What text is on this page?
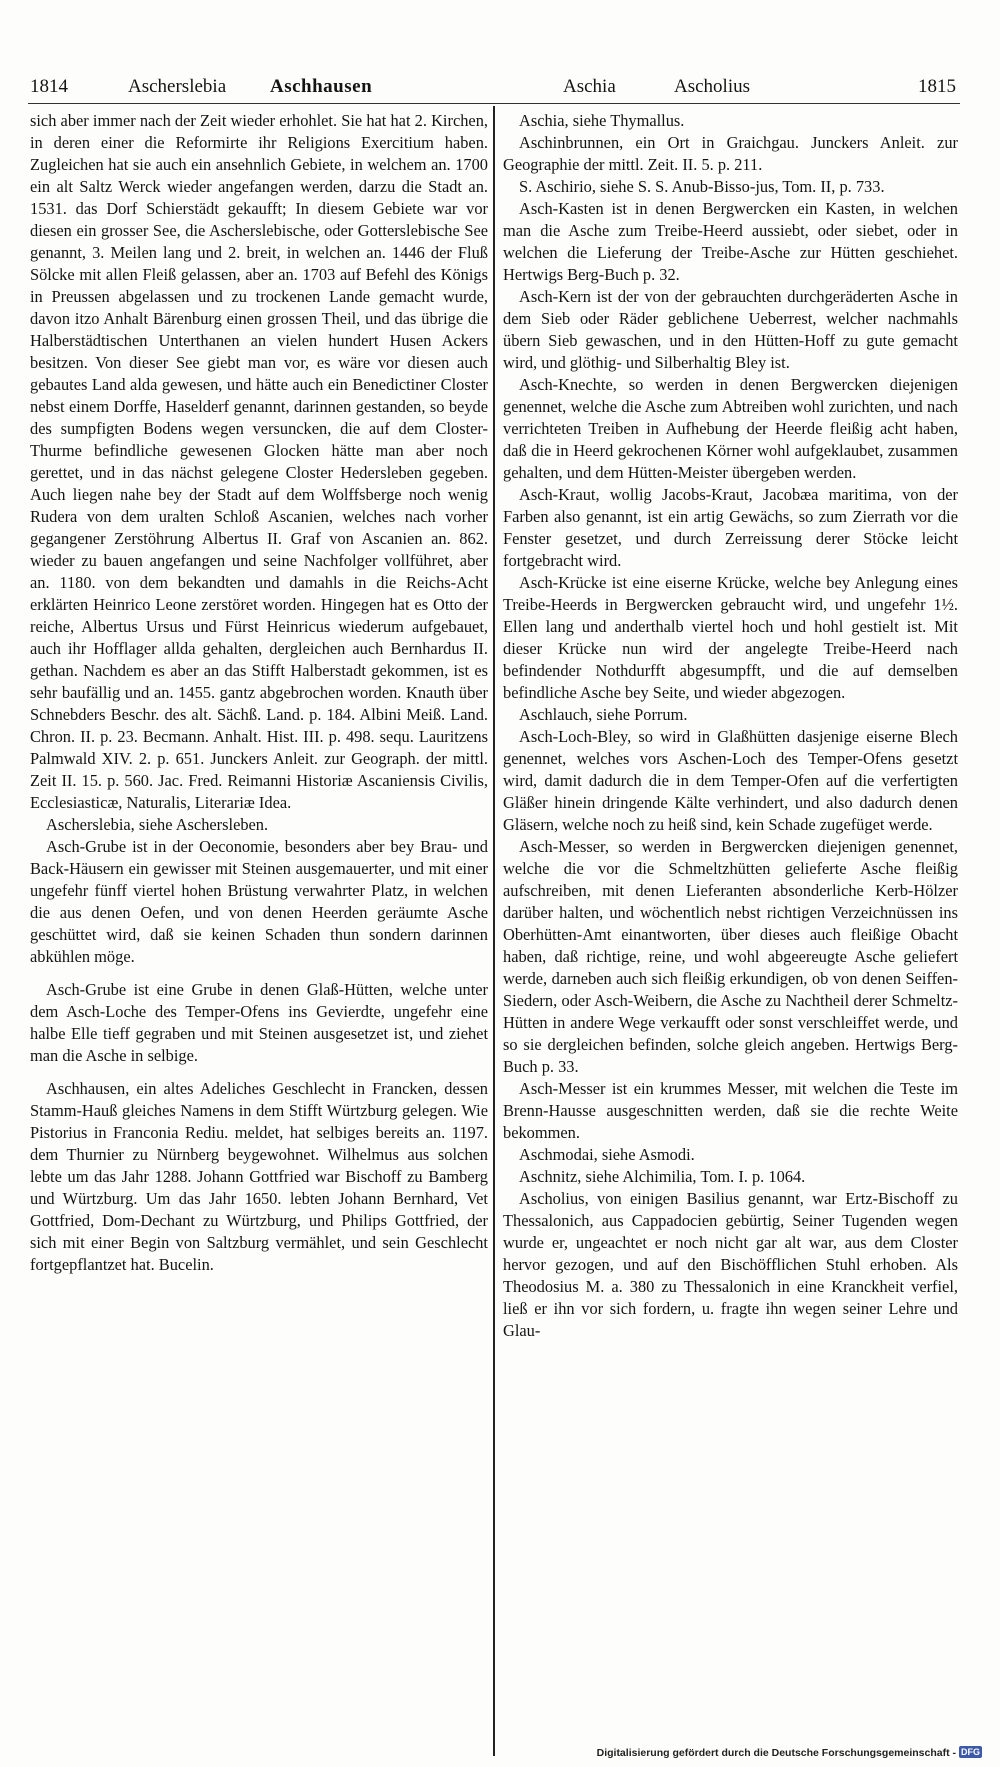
1814	Ascherslebia Aschhausen	Aschia	Ascholius	1815

sich aber immer nach der Zeit wieder erhohlet. Sie hat hat 2. Kirchen, in deren einer die Reformirte ihr Religions Exercitium haben. Zugleichen hat sie auch ein ansehnlich Gebiete, in welchem an. 1700 ein alt Saltz Werck wieder angefangen werden, darzu die Stadt an. 1531. das Dorf Schierstädt gekaufft; In diesem Gebiete war vor diesen ein grosser See, die Ascherslebische, oder Gotterslebische See genannt, 3. Meilen lang und 2. breit, in welchen an. 1446 der Fluß Sölcke mit allen Fleiß gelassen, aber an. 1703 auf Befehl des Königs in Preussen abgelassen und zu trockenen Lande gemacht wurde, davon itzo Anhalt Bärenburg einen grossen Theil, und das übrige die Halberstädtischen Unterthanen an vielen hundert Husen Ackers besitzen. Von dieser See giebt man vor, es wäre vor diesen auch gebautes Land alda gewesen, und hätte auch ein Benedictiner Closter nebst einem Dorffe, Haselderf genannt, darinnen gestanden, so beyde des sumpfigten Bodens wegen versuncken, die auf dem Closter-Thurme befindliche gewesenen Glocken hätte man aber noch gerettet, und in das nächst gelegene Closter Hedersleben gegeben. Auch liegen nahe bey der Stadt auf dem Wolffsberge noch wenig Rudera von dem uralten Schloß Ascanien, welches nach vorher gegangener Zerstöhrung Albertus II. Graf von Ascanien an. 862. wieder zu bauen angefangen und seine Nachfolger vollführet, aber an. 1180. von dem bekandten und damahls in die Reichs-Acht erklärten Heinrico Leone zerstöret worden. Hingegen hat es Otto der reiche, Albertus Ursus und Fürst Heinricus wiederum aufgebauet, auch ihr Hofflager allda gehalten, dergleichen auch Bernhardus II. gethan. Nachdem es aber an das Stifft Halberstadt gekommen, ist es sehr baufällig und an. 1455. gantz abgebrochen worden. Knauth über Schnebders Beschr. des alt. Sächß. Land. p. 184. Albini Meiß. Land. Chron. II. p. 23. Becmann. Anhalt. Hist. III. p. 498. sequ. Lauritzens Palmwald XIV. 2. p. 651. Junckers Anleit. zur Geograph. der mittl. Zeit II. 15. p. 560. Jac. Fred. Reimanni Historiæ Ascaniensis Civilis, Ecclesiasticæ, Naturalis, Literariæ Idea.

Ascherslebia, siehe Aschersleben.

Asch-Grube ist in der Oeconomie, besonders aber bey Brau- und Back-Häusern ein gewisser mit Steinen ausgemauerter, und mit einer ungefehr fünff viertel hohen Brüstung verwahrter Platz, in welchen die aus denen Oefen, und von denen Heerden geräumte Asche geschüttet wird, daß sie keinen Schaden thun sondern darinnen abkühlen möge.

Asch-Grube ist eine Grube in denen Glaß-Hütten, welche unter dem Asch-Loche des Temper-Ofens ins Gevierdte, ungefehr eine halbe Elle tieff gegraben und mit Steinen ausgesetzet ist, und ziehet man die Asche in selbige.

Aschhausen, ein altes Adeliches Geschlecht in Francken, dessen Stamm-Hauß gleiches Namens in dem Stifft Würtzburg gelegen. Wie Pistorius in Franconia Rediu. meldet, hat selbiges bereits an. 1197. dem Thurnier zu Nürnberg beygewohnet. Wilhelmus aus solchen lebte um das Jahr 1288. Johann Gottfried war Bischoff zu Bamberg und Würtzburg. Um das Jahr 1650. lebten Johann Bernhard, Vet Gottfried, Dom-Dechant zu Würtzburg, und Philips Gottfried, der sich mit einer Begin von Saltzburg vermählet, und sein Geschlecht fortgepflantzet hat. Bucelin.

Aschia, siehe Thymallus.

Aschinbrunnen, ein Ort in Graichgau. Junckers Anleit. zur Geographie der mittl. Zeit. II. 5. p. 211.

S. Aschirio, siehe S. S. Anub-Bisso-jus, Tom. II, p. 733.

Asch-Kasten ist in denen Bergwercken ein Kasten, in welchen man die Asche zum Treibe-Heerd aussiebt, oder siebet, oder in welchen die Lieferung der Treibe-Asche zur Hütten geschiehet. Hertwigs Berg-Buch p. 32.

Asch-Kern ist der von der gebrauchten durchgeräderten Asche in dem Sieb oder Räder geblichene Ueberrest, welcher nachmahls übern Sieb gewaschen, und in den Hütten-Hoff zu gute gemacht wird, und glöthig- und Silberhaltig Bley ist.

Asch-Knechte, so werden in denen Bergwercken diejenigen genennet, welche die Asche zum Abtreiben wohl zurichten, und nach verrichteten Treiben in Aufhebung der Heerde fleißig acht haben, daß die in Heerd gekrochenen Körner wohl aufgeklaubet, zusammen gehalten, und dem Hütten-Meister übergeben werden.

Asch-Kraut, wollig Jacobs-Kraut, Jacobæa maritima, von der Farben also genannt, ist ein artig Gewächs, so zum Zierrath vor die Fenster gesetzet, und durch Zerreissung derer Stöcke leicht fortgebracht wird.

Asch-Krücke ist eine eiserne Krücke, welche bey Anlegung eines Treibe-Heerds in Bergwercken gebraucht wird, und ungefehr 1½. Ellen lang und anderthalb viertel hoch und hohl gestielt ist. Mit dieser Krücke nun wird der angelegte Treibe-Heerd nach befindender Nothdurfft abgesumpfft, und die auf demselben befindliche Asche bey Seite, und wieder abgezogen.

Aschlauch, siehe Porrum.

Asch-Loch-Bley, so wird in Glaßhütten dasjenige eiserne Blech genennet, welches vors Aschen-Loch des Temper-Ofens gesetzt wird, damit dadurch die in dem Temper-Ofen auf die verfertigten Gläßer hinein dringende Kälte verhindert, und also dadurch denen Gläsern, welche noch zu heiß sind, kein Schade zugefüget werde.

Asch-Messer, so werden in Bergwercken diejenigen genennet, welche die vor die Schmeltzhütten gelieferte Asche fleißig aufschreiben, mit denen Lieferanten absonderliche Kerb-Hölzer darüber halten, und wöchentlich nebst richtigen Verzeichnüssen ins Oberhütten-Amt einantworten, über dieses auch fleißige Obacht haben, daß richtige, reine, und wohl abgeereugte Asche geliefert werde, darneben auch sich fleißig erkundigen, ob von denen Seiffen-Siedern, oder Asch-Weibern, die Asche zu Nachtheil derer Schmeltz-Hütten in andere Wege verkaufft oder sonst verschleiffet werde, und so sie dergleichen befinden, solche gleich angeben. Hertwigs Berg-Buch p. 33.

Asch-Messer ist ein krummes Messer, mit welchen die Teste im Brenn-Hausse ausgeschnitten werden, daß sie die rechte Weite bekommen.

Aschmodai, siehe Asmodi.

Aschnitz, siehe Alchimilia, Tom. I. p. 1064.

Ascholius, von einigen Basilius genannt, war Ertz-Bischoff zu Thessalonich, aus Cappadocien gebürtig, Seiner Tugenden wegen wurde er, ungeachtet er noch nicht gar alt war, aus dem Closter hervor gezogen, und auf den Bischöfflichen Stuhl erhoben. Als Theodosius M. a. 380 zu Thessalonich in eine Kranckheit verfiel, ließ er ihn vor sich fordern, u. fragte ihn wegen seiner Lehre und Glau-

Digitalisierung gefördert durch die Deutsche Forschungsgemeinschaft - DFG
